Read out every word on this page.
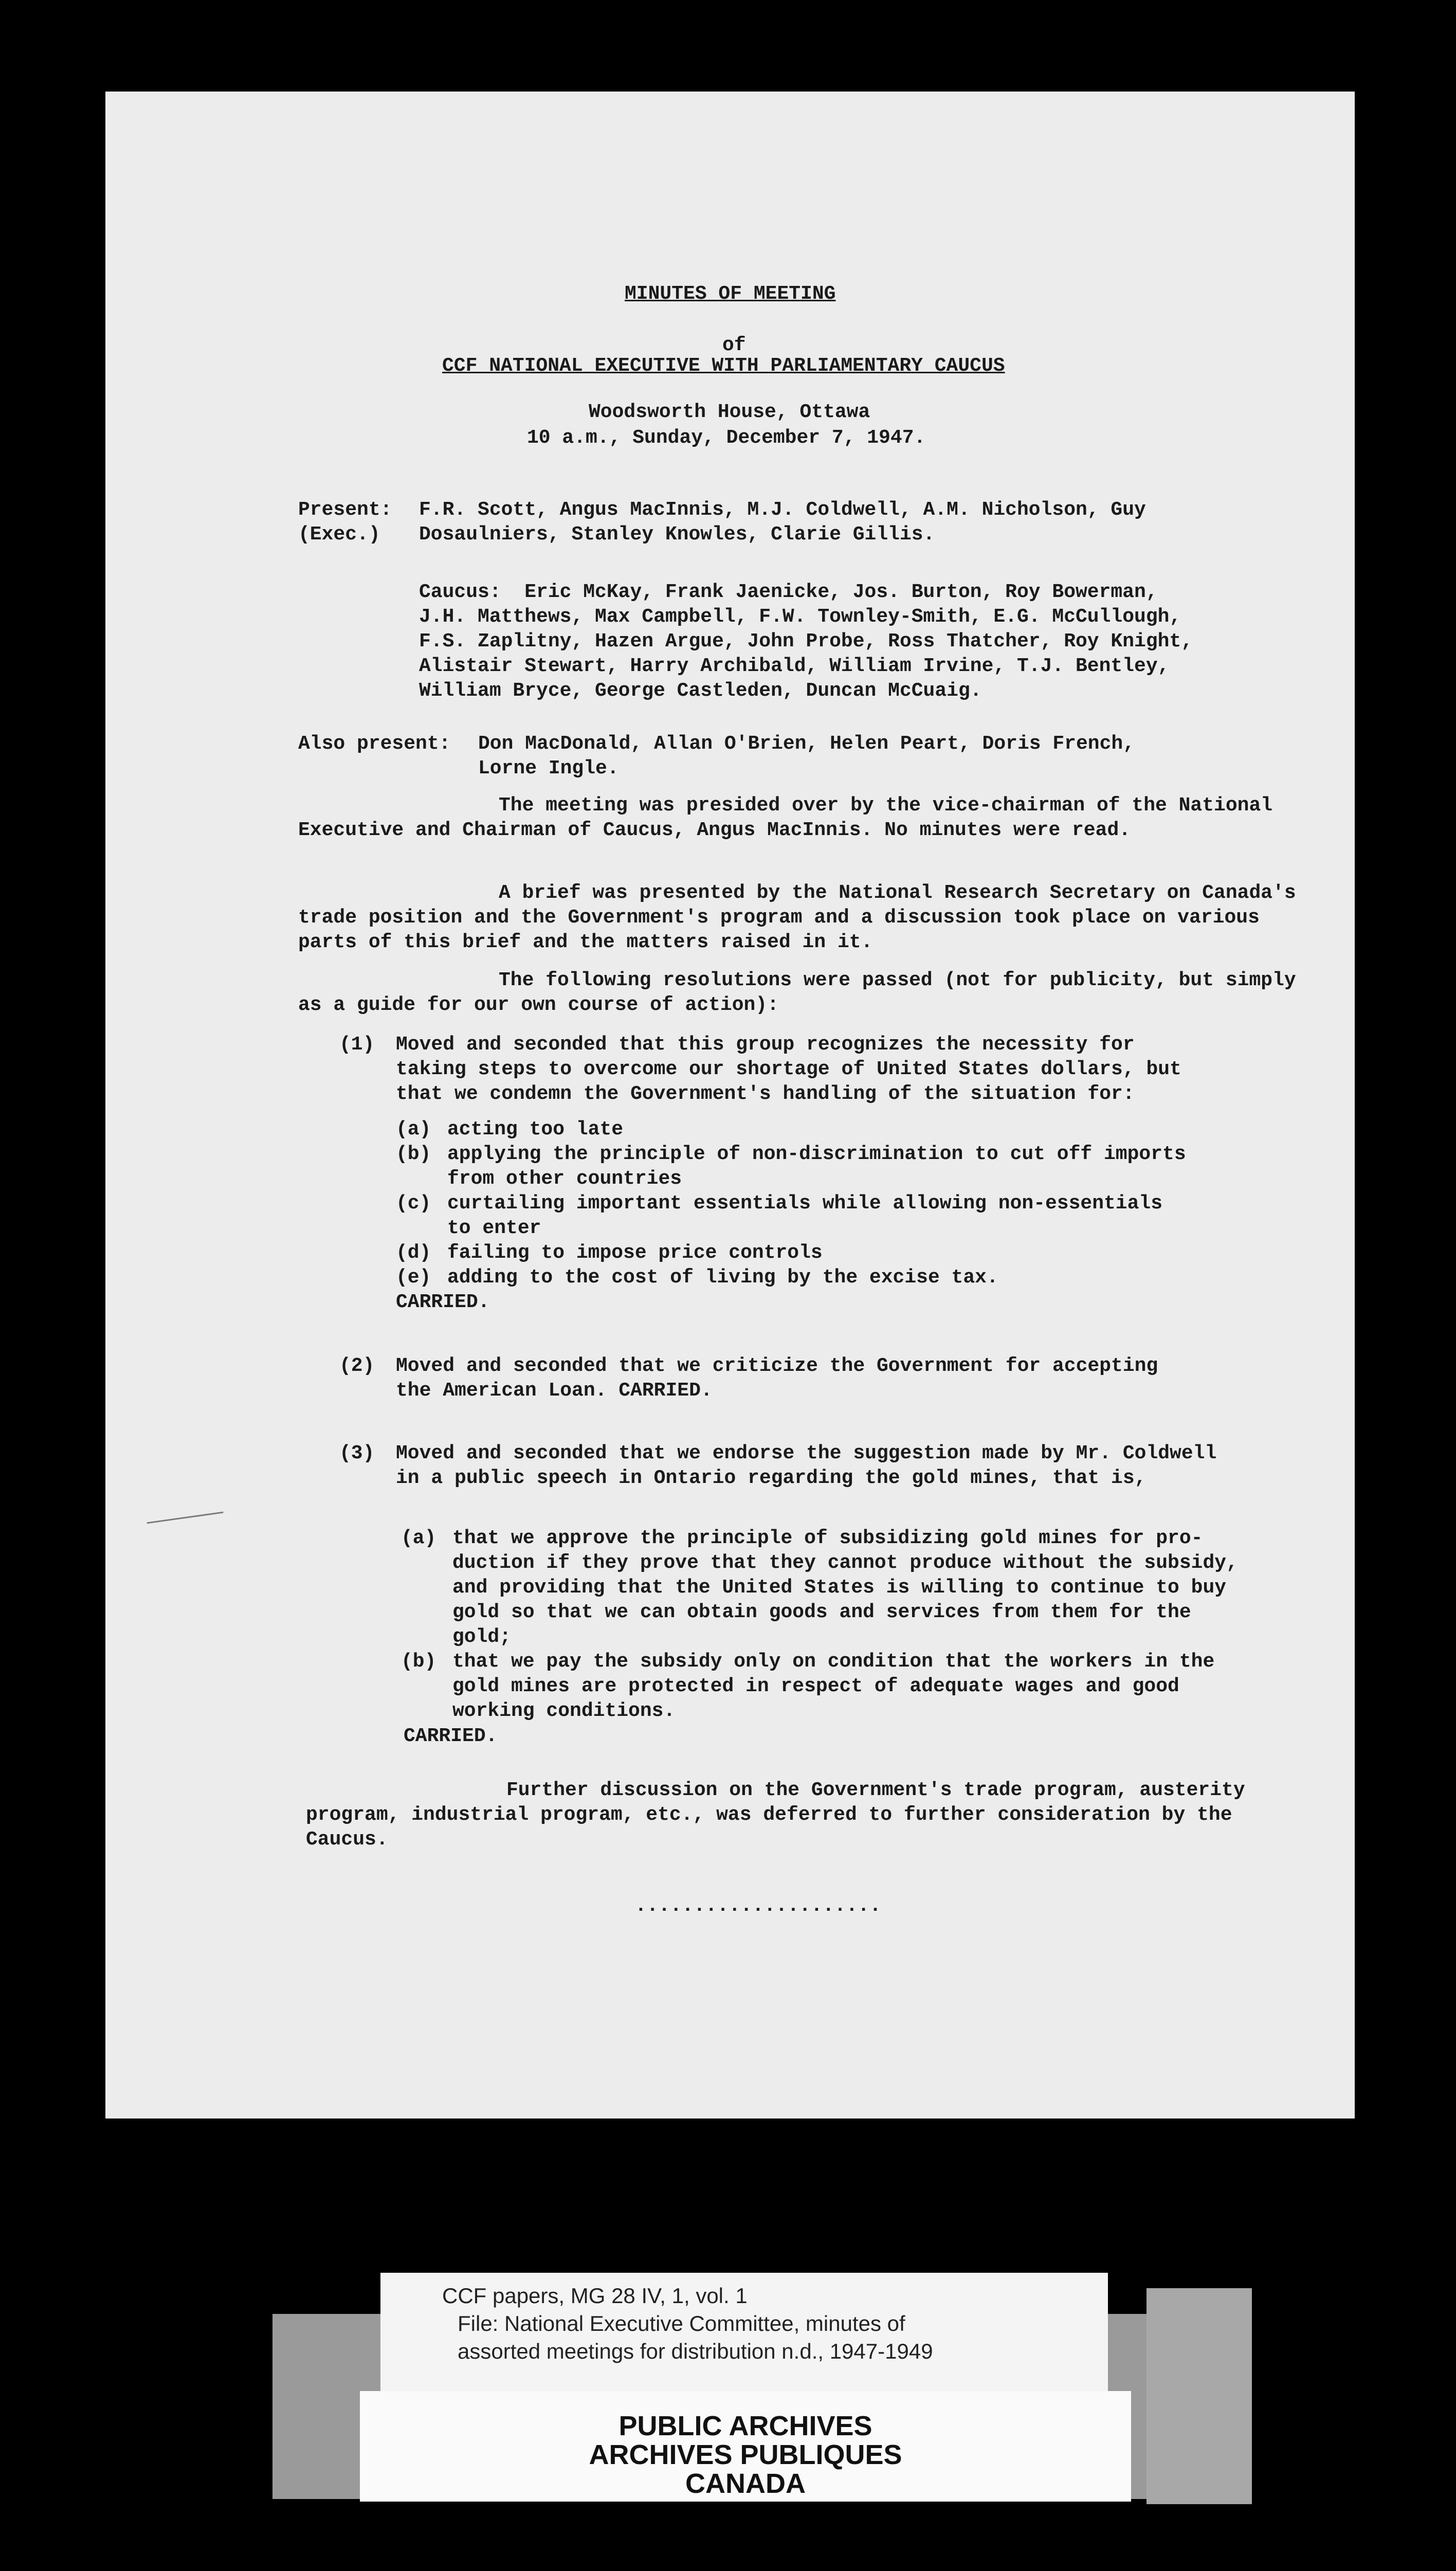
MINUTES OF MEETING
of
CCF NATIONAL EXECUTIVE WITH PARLIAMENTARY CAUCUS
Woodsworth House, Ottawa
10 a.m., Sunday, December 7, 1947.
Present:
(Exec.)
F.R. Scott, Angus MacInnis, M.J. Coldwell, A.M. Nicholson, Guy
Dosaulniers, Stanley Knowles, Clarie Gillis.
Caucus:  Eric McKay, Frank Jaenicke, Jos. Burton, Roy Bowerman,
J.H. Matthews, Max Campbell, F.W. Townley-Smith, E.G. McCullough,
F.S. Zaplitny, Hazen Argue, John Probe, Ross Thatcher, Roy Knight,
Alistair Stewart, Harry Archibald, William Irvine, T.J. Bentley,
William Bryce, George Castleden, Duncan McCuaig.
Also present: Don MacDonald, Allan O'Brien, Helen Peart, Doris French,
Lorne Ingle.
The meeting was presided over by the vice-chairman of the National Executive and Chairman of Caucus, Angus MacInnis. No minutes were read.
A brief was presented by the National Research Secretary on Canada's trade position and the Government's program and a discussion took place on various parts of this brief and the matters raised in it.
The following resolutions were passed (not for publicity, but simply as a guide for our own course of action):
(1) Moved and seconded that this group recognizes the necessity for
taking steps to overcome our shortage of United States dollars, but
that we condemn the Government's handling of the situation for:
(a) acting too late
(b) applying the principle of non-discrimination to cut off imports
from other countries
(c) curtailing important essentials while allowing non-essentials
to enter
(d) failing to impose price controls
(e) adding to the cost of living by the excise tax.
CARRIED.
(2) Moved and seconded that we criticize the Government for accepting
the American Loan. CARRIED.
(3) Moved and seconded that we endorse the suggestion made by Mr. Coldwell
in a public speech in Ontario regarding the gold mines, that is,
(a) that we approve the principle of subsidizing gold mines for pro-
duction if they prove that they cannot produce without the subsidy,
and providing that the United States is willing to continue to buy
gold so that we can obtain goods and services from them for the
gold;
(b) that we pay the subsidy only on condition that the workers in the
gold mines are protected in respect of adequate wages and good
working conditions.
CARRIED.
Further discussion on the Government's trade program, austerity program, industrial program, etc., was deferred to further consideration by the Caucus.
.....................
CCF papers, MG 28 IV, 1, vol. 1
File: National Executive Committee, minutes of
assorted meetings for distribution n.d., 1947-1949
PUBLIC ARCHIVES
ARCHIVES PUBLIQUES
CANADA
